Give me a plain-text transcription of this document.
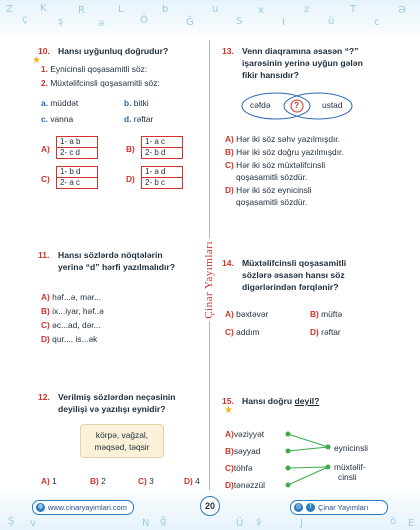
Z
ç
K
ş
R
ə
L
Ö
b
Ğ
u
S
x
I
z
ü
T
c
Ə
Ş v	N ğ	Ü ş	J	ö E
Çinar Yayımları
10. Hansı uyğunluq doğrudur?
1. Eynicinsli qoşasamitli söz:
2. Müxtəlifcinsli qoşasamitli söz:
a. müddət	b. bitki
c. vanna	d. rəftar
A)
1- a b
2- c d	B)
1- a c
2- b d
C)
1- b d
2- a c	D)
1- a d
2- b c
★
11. Hansı sözlərdə nöqtələrin
yerinə “d” hərfi yazılmalıdır?
A) həf...ə, mər...
B) ix...iyar, həf..ə
C) əc...ad, dər...
D) qur..., is...ək
12. Verilmiş sözlərdən neçəsinin
deyilişi və yazılışı eynidir?
körpə, vağzal,
məqsəd, təqsir
A) 1	B) 2	C) 3	D) 4
13. Venn diaqramına əsasən “?”
işarəsinin yerinə uyğun gələn
fikir hansıdır?
cəfdə	?	ustad
A) Hər iki söz səhv yazılmışdır.
B) Hər iki söz doğru yazılmışdır.
C) Hər iki söz müxtəlifcinsli
qoşasamitli sözdür.
D) Hər iki söz eynicinsli
qoşasamitli sözdür.
14. Müxtəlifcinsli qoşasamitli
sözlərə əsasən hansı söz
digərlərindən fərqlənir?
A) bəxtəvər	B) müftə
C) addım	D) rəftar
15. Hansı doğru deyil?
A)vəziyyət
B)səyyad
C)töhfə
D)tənəzzül
eynicinsli
müxtəlif-
cinsli
★
◍ www.cinaryayimlari.com	20	◎	f Çinar Yayımları
